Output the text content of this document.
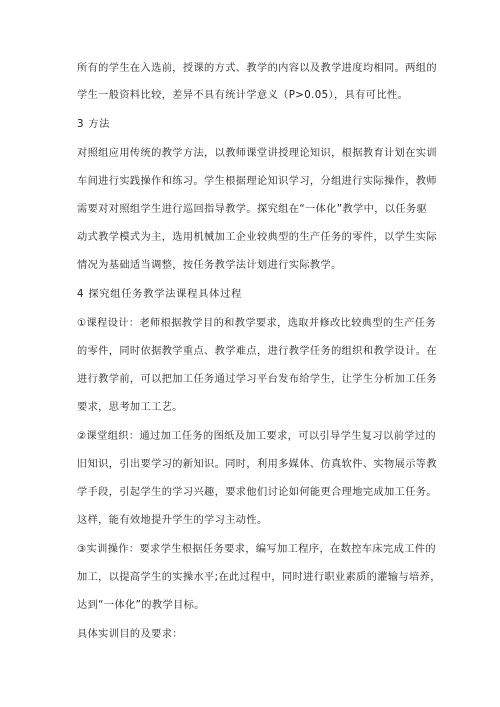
所有的学生在入选前，授课的方式、教学的内容以及教学进度均相同。两组的
学生一般资料比较，差异不具有统计学意义（P>0.05），具有可比性。
3 方法
对照组应用传统的教学方法，以教师课堂讲授理论知识，根据教育计划在实训
车间进行实践操作和练习。学生根据理论知识学习，分组进行实际操作，教师
需要对对照组学生进行巡回指导教学。探究组在“一体化”教学中，以任务驱
动式教学模式为主，选用机械加工企业较典型的生产任务的零件，以学生实际
情况为基础适当调整，按任务教学法计划进行实际教学。
4 探究组任务教学法课程具体过程
①课程设计：老师根据教学目的和教学要求，选取并修改比较典型的生产任务
的零件，同时依据教学重点、教学难点，进行教学任务的组织和教学设计。在
进行教学前，可以把加工任务通过学习平台发布给学生，让学生分析加工任务
要求，思考加工工艺。
②课堂组织：通过加工任务的图纸及加工要求，可以引导学生复习以前学过的
旧知识，引出要学习的新知识。同时，利用多媒体、仿真软件、实物展示等教
学手段，引起学生的学习兴趣，要求他们讨论如何能更合理地完成加工任务。
这样，能有效地提升学生的学习主动性。
③实训操作：要求学生根据任务要求，编写加工程序，在数控车床完成工件的
加工，以提高学生的实操水平;在此过程中，同时进行职业素质的灌输与培养，
达到“一体化”的教学目标。
具体实训目的及要求：
